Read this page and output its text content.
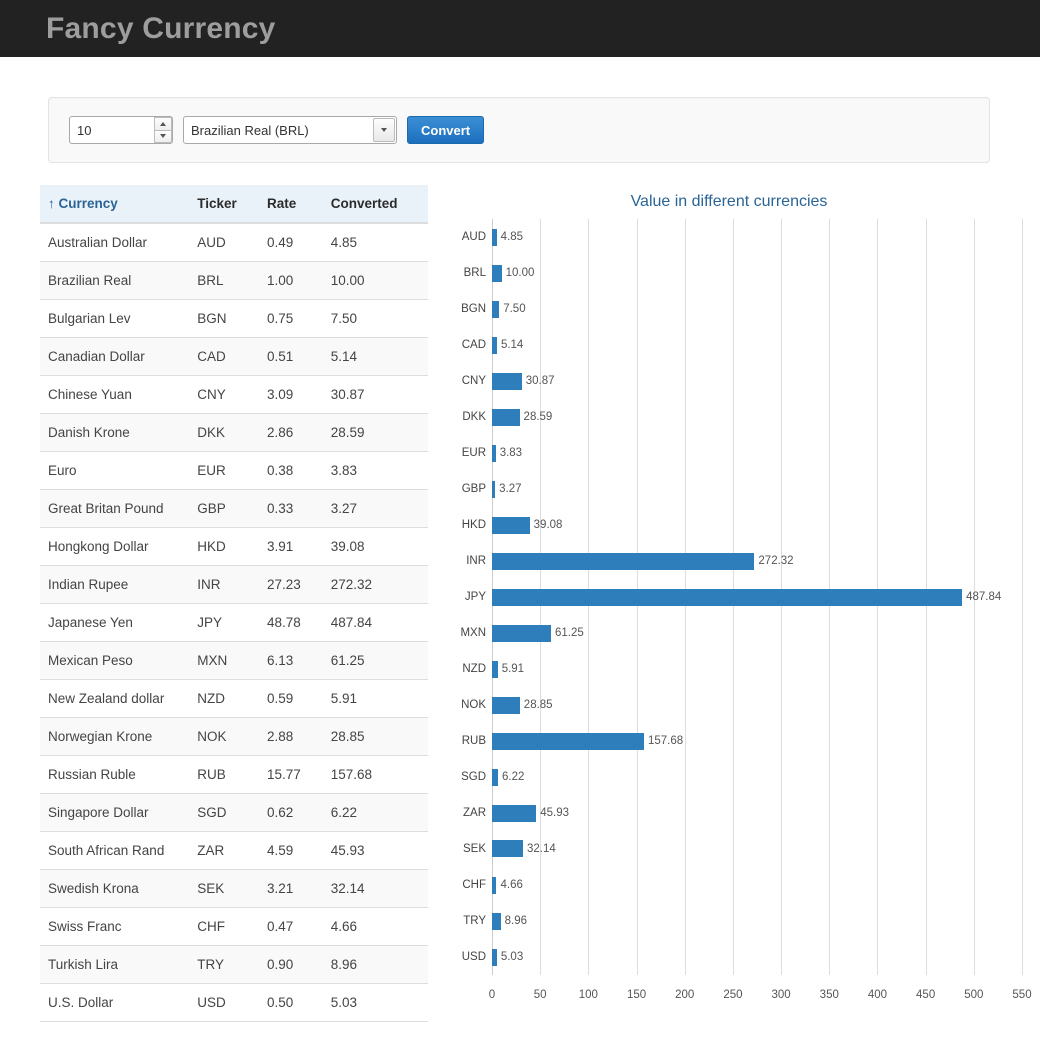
Fancy Currency
10
Brazilian Real (BRL)	Convert
↑ Currency	Ticker	Rate	Converted
Australian Dollar	AUD	0.49	4.85
Brazilian Real	BRL	1.00	10.00
Bulgarian Lev	BGN	0.75	7.50
Canadian Dollar	CAD	0.51	5.14
Chinese Yuan	CNY	3.09	30.87
Danish Krone	DKK	2.86	28.59
Euro	EUR	0.38	3.83
Great Britan Pound	GBP	0.33	3.27
Hongkong Dollar	HKD	3.91	39.08
Indian Rupee	INR	27.23	272.32
Japanese Yen	JPY	48.78	487.84
Mexican Peso	MXN	6.13	61.25
New Zealand dollar	NZD	0.59	5.91
Norwegian Krone	NOK	2.88	28.85
Russian Ruble	RUB	15.77	157.68
Singapore Dollar	SGD	0.62	6.22
South African Rand	ZAR	4.59	45.93
Swedish Krona	SEK	3.21	32.14
Swiss Franc	CHF	0.47	4.66
Turkish Lira	TRY	0.90	8.96
U.S. Dollar	USD	0.50	5.03
Value in different currencies
0	50	100	150	200	250	300	350	400	450	500	550
AUD 4.85
BRL 10.00
BGN 7.50
CAD 5.14
CNY	30.87
DKK	28.59
EUR 3.83
GBP 3.27
HKD	39.08
INR	272.32
JPY	487.84
MXN	61.25
NZD 5.91
NOK	28.85
RUB	157.68
SGD 6.22
ZAR	45.93
SEK	32.14
CHF 4.66
TRY 8.96
USD 5.03
